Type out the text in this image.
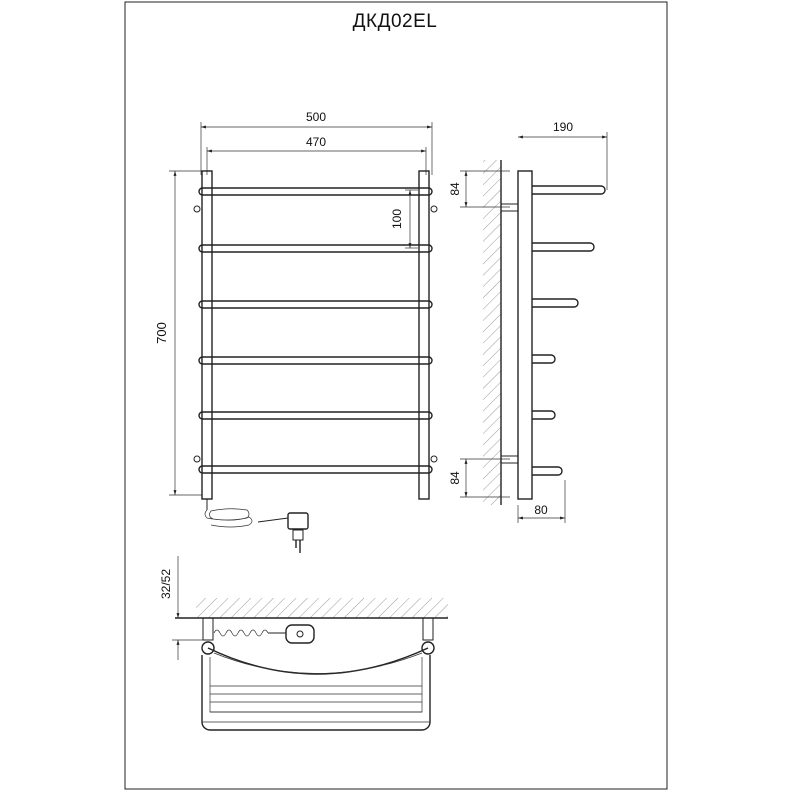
ДКД02EL
500
470
700
100
190
84
84
80
32/52
